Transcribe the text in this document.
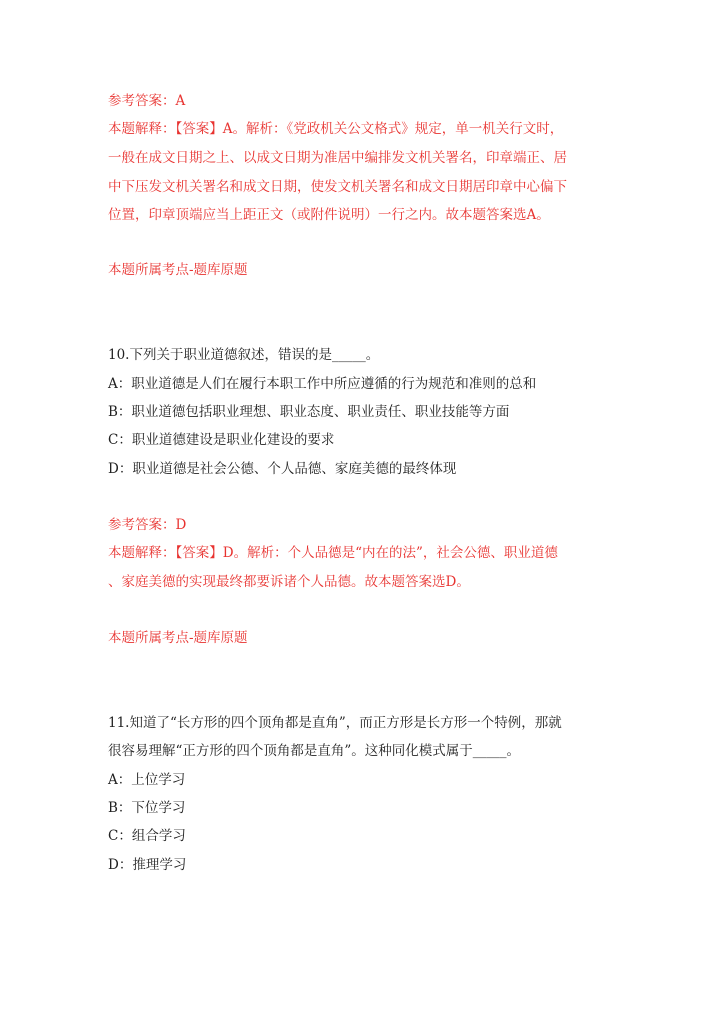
参考答案：A
本题解释：【答案】A。解析：《党政机关公文格式》规定，单一机关行文时，
一般在成文日期之上、以成文日期为准居中编排发文机关署名，印章端正、居
中下压发文机关署名和成文日期，使发文机关署名和成文日期居印章中心偏下
位置，印章顶端应当上距正文（或附件说明）一行之内。故本题答案选A。
本题所属考点-题库原题
10.下列关于职业道德叙述，错误的是_____。
A：职业道德是人们在履行本职工作中所应遵循的行为规范和准则的总和
B：职业道德包括职业理想、职业态度、职业责任、职业技能等方面
C：职业道德建设是职业化建设的要求
D：职业道德是社会公德、个人品德、家庭美德的最终体现
参考答案：D
本题解释：【答案】D。解析：个人品德是“内在的法”，社会公德、职业道德
、家庭美德的实现最终都要诉诸个人品德。故本题答案选D。
本题所属考点-题库原题
11.知道了“长方形的四个顶角都是直角”，而正方形是长方形一个特例，那就
很容易理解“正方形的四个顶角都是直角”。这种同化模式属于_____。
A：上位学习
B：下位学习
C：组合学习
D：推理学习
